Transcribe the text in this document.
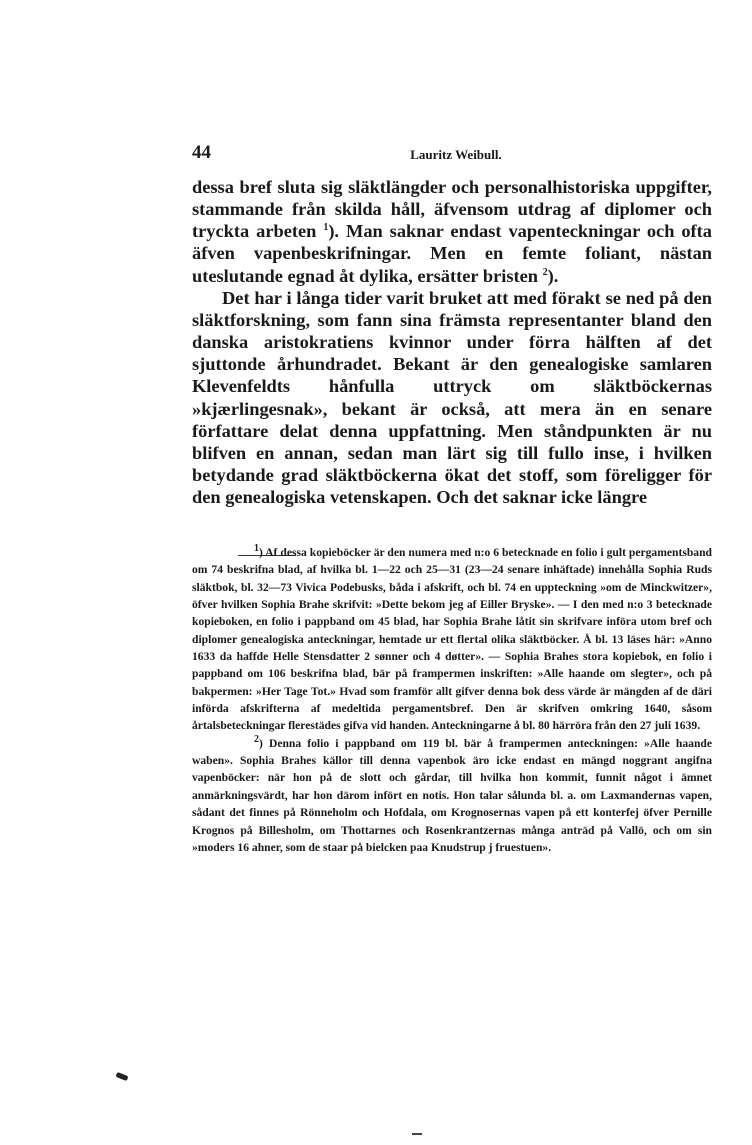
44	Lauritz Weibull.

dessa bref sluta sig släktlängder och personalhistoriska uppgifter, stammande från skilda håll, äfvensom utdrag af diplomer och tryckta arbeten $^1$). Man saknar endast vapenteckningar och ofta äfven vapenbeskrifningar. Men en femte foliant, nästan uteslutande egnad åt dylika, ersätter bristen $^2$).

Det har i långa tider varit bruket att med förakt se ned på den släktforskning, som fann sina främsta representanter bland den danska aristokratiens kvinnor under förra hälften af det sjuttonde århundradet. Bekant är den genealogiske samlaren Klevenfeldts hånfulla uttryck om släktböckernas »kjærlingesnak», bekant är också, att mera än en senare författare delat denna uppfattning. Men ståndpunkten är nu blifven en annan, sedan man lärt sig till fullo inse, i hvilken betydande grad släktböckerna ökat det stoff, som föreligger för den genealogiska vetenskapen. Och det saknar icke längre

$^1$) Af dessa kopieböcker är den numera med n:o 6 betecknade en folio i gult pergamentsband om 74 beskrifna blad, af hvilka bl. 1—22 och 25—31 (23—24 senare inhäftade) innehålla Sophia Ruds släktbok, bl. 32—73 Vivica Podebusks, båda i afskrift, och bl. 74 en uppteckning »om de Minckwitzer», öfver hvilken Sophia Brahe skrifvit: »Dette bekom jeg af Eiller Bryske». — I den med n:o 3 betecknade kopieboken, en folio i pappband om 45 blad, har Sophia Brahe låtit sin skrifvare införa utom bref och diplomer genealogiska anteckningar, hemtade ur ett flertal olika släktböcker. Å bl. 13 läses här: »Anno 1633 da haffde Helle Stensdatter 2 sønner och 4 døtter». — Sophia Brahes stora kopiebok, en folio i pappband om 106 beskrifna blad, bär på frampermen inskriften: »Alle haande om slegter», och på bakpermen: »Her Tage Tot.» Hvad som framför allt gifver denna bok dess värde är mängden af de däri införda afskrifterna af medeltida pergamentsbref. Den är skrifven omkring 1640, såsom årtalsbeteckningar flerestädes gifva vid handen. Anteckningarne å bl. 80 härröra från den 27 juli 1639.

$^2$) Denna folio i pappband om 119 bl. bär å frampermen anteckningen: »Alle haande waben». Sophia Brahes källor till denna vapenbok äro icke endast en mängd noggrant angifna vapenböcker: när hon på de slott och gårdar, till hvilka hon kommit, funnit något i ämnet anmärkningsvärdt, har hon därom infört en notis. Hon talar sålunda bl. a. om Laxmandernas vapen, sådant det finnes på Rönneholm och Hofdala, om Krognosernas vapen på ett konterfej öfver Pernille Krognos på Billesholm, om Thottarnes och Rosenkrantzernas många anträd på Vallö, och om sin »moders 16 ahner, som de staar på bielcken paa Knudstrup j fruestuen».
